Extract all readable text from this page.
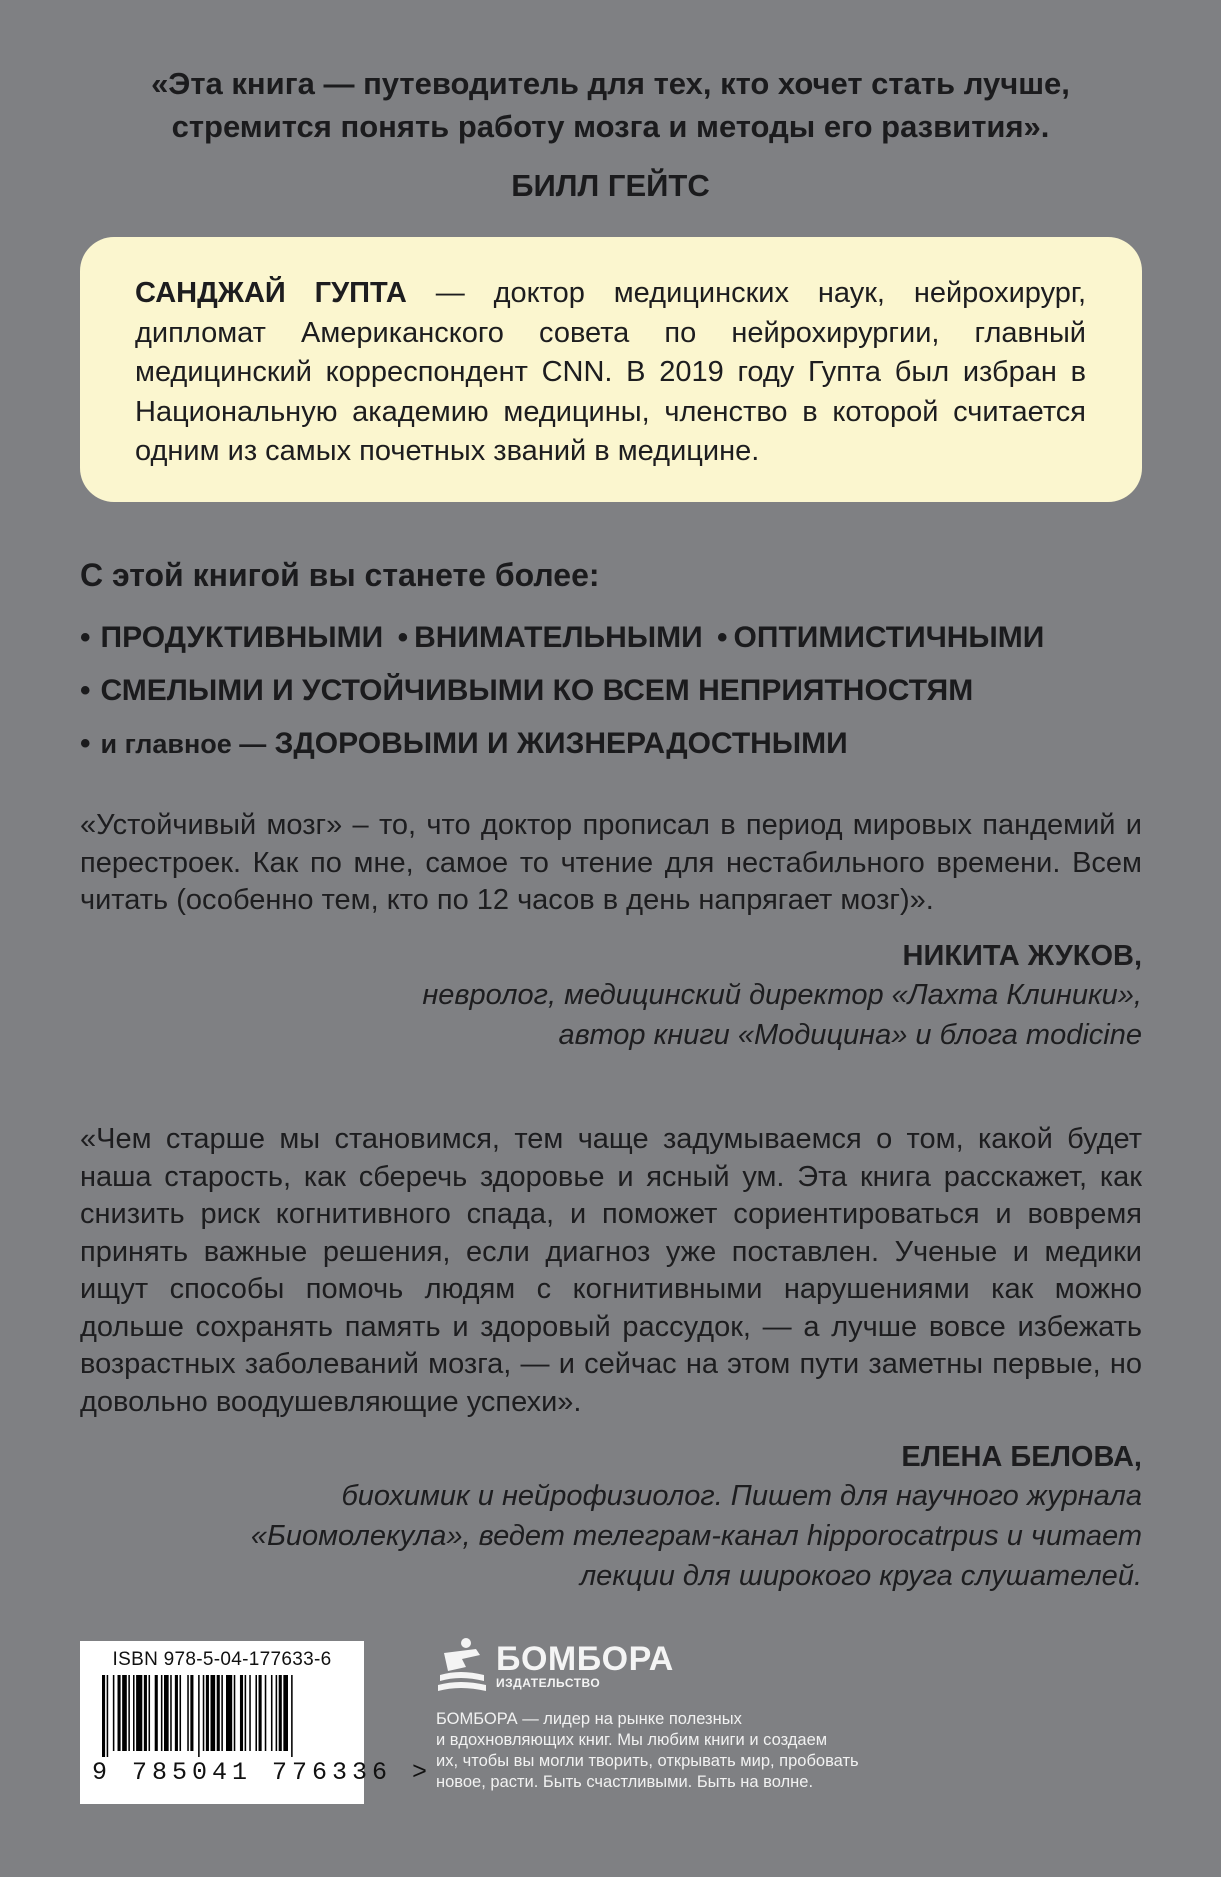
«Эта книга — путеводитель для тех, кто хочет стать лучше,
стремится понять работу мозга и методы его развития».
БИЛЛ ГЕЙТС

САНДЖАЙ ГУПТА — доктор медицинских наук, нейрохирург, дипломат Американского совета по нейрохирургии, главный медицинский корреспондент CNN. В 2019 году Гупта был избран в Национальную академию медицины, членство в которой считается одним из самых почетных званий в медицине.

С этой книгой вы станете более:
• ПРОДУКТИВНЫМИ • ВНИМАТЕЛЬНЫМИ • ОПТИМИСТИЧНЫМИ
• СМЕЛЫМИ И УСТОЙЧИВЫМИ КО ВСЕМ НЕПРИЯТНОСТЯМ
• и главное — ЗДОРОВЫМИ И ЖИЗНЕРАДОСТНЫМИ
«Устойчивый мозг» – то, что доктор прописал в период мировых пандемий и перестроек. Как по мне, самое то чтение для нестабильного времени. Всем читать (особенно тем, кто по 12 часов в день напрягает мозг)».
НИКИТА ЖУКОВ,
невролог, медицинский директор «Лахта Клиники»,
автор книги «Модицина» и блога modicine
«Чем старше мы становимся, тем чаще задумываемся о том, какой будет наша старость, как сберечь здоровье и ясный ум. Эта книга расскажет, как снизить риск когнитивного спада, и поможет сориентироваться и вовремя принять важные решения, если диагноз уже поставлен. Ученые и медики ищут способы помочь людям с когнитивными нарушениями как можно дольше сохранять память и здоровый рассудок, — а лучше вовсе избежать возрастных заболеваний мозга, — и сейчас на этом пути заметны первые, но довольно воодушевляющие успехи».
ЕЛЕНА БЕЛОВА,
биохимик и нейрофизиолог. Пишет для научного журнала
«Биомолекула», ведет телеграм-канал hipporocatrpus и читает
лекции для широкого круга слушателей.
ISBN 978-5-04-177633-6
9 785041 776336 >
БОМБОРА
ИЗДАТЕЛЬСТВО

БОМБОРА — лидер на рынке полезных
и вдохновляющих книг. Мы любим книги и создаем
их, чтобы вы могли творить, открывать мир, пробовать
новое, расти. Быть счастливыми. Быть на волне.
